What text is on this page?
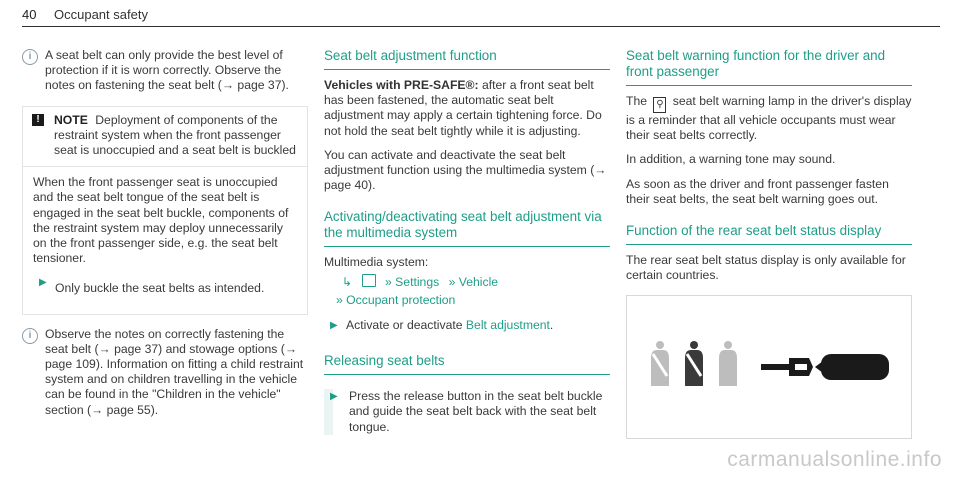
40 Occupant safety
i	A seat belt can only provide the best level of protection if it is worn correctly. Observe the notes on fastening the seat belt (→ page 37).
!	NOTE Deployment of components of the restraint system when the front passenger seat is unoccupied and a seat belt is buckled

When the front passenger seat is unoccupied and the seat belt tongue of the seat belt is engaged in the seat belt buckle, components of the restraint system may deploy unnecessarily on the front passenger side, e.g. the seat belt tensioner.

▶ Only buckle the seat belts as intended.
i	Observe the notes on correctly fastening the seat belt (→ page 37) and stowage options (→ page 109). Information on fitting a child restraint system and on children travelling in the vehicle can be found in the "Children in the vehicle" section (→ page 55).
Seat belt adjustment function

Vehicles with PRE-SAFE®: after a front seat belt has been fastened, the automatic seat belt adjustment may apply a certain tightening force. Do not hold the seat belt tightly while it is adjusting.

You can activate and deactivate the seat belt adjustment function using the multimedia system (→ page 40).

Activating/deactivating seat belt adjustment via the multimedia system
Multimedia system:
↳	» Settings » Vehicle
» Occupant protection
▶ Activate or deactivate Belt adjustment.
Releasing seat belts
▶ Press the release button in the seat belt buckle and guide the seat belt back with the seat belt tongue.
Seat belt warning function for the driver and front passenger

The ⚲ seat belt warning lamp in the driver's display is a reminder that all vehicle occupants must wear their seat belts correctly.

In addition, a warning tone may sound.

As soon as the driver and front passenger fasten their seat belts, the seat belt warning goes out.

Function of the rear seat belt status display

The rear seat belt status display is only available for certain countries.

carmanualsonline.info
